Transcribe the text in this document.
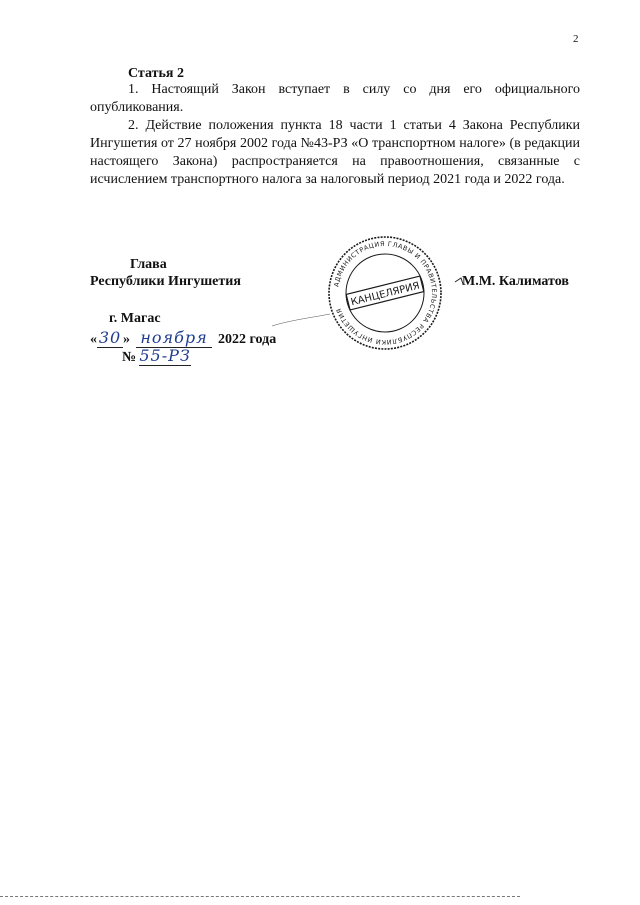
2
Статья 2
1. Настоящий Закон вступает в силу со дня его официального опубликования.
2. Действие положения пункта 18 части 1 статьи 4 Закона Республики Ингушетия от 27 ноября 2002 года №43-РЗ «О транспортном налоге» (в редакции настоящего Закона) распространяется на правоотношения, связанные с исчислением транспортного налога за налоговый период 2021 года и 2022 года.
Глава
Республики Ингушетия	М.М. Калиматов
г. Магас
« 30 » ноября 2022 года
№ 55-РЗ
АДМИНИСТРАЦИЯ ГЛАВЫ И ПРАВИТЕЛЬСТВА РЕСПУБЛИКИ ИНГУШЕТИЯ
КАНЦЕЛЯРИЯ
